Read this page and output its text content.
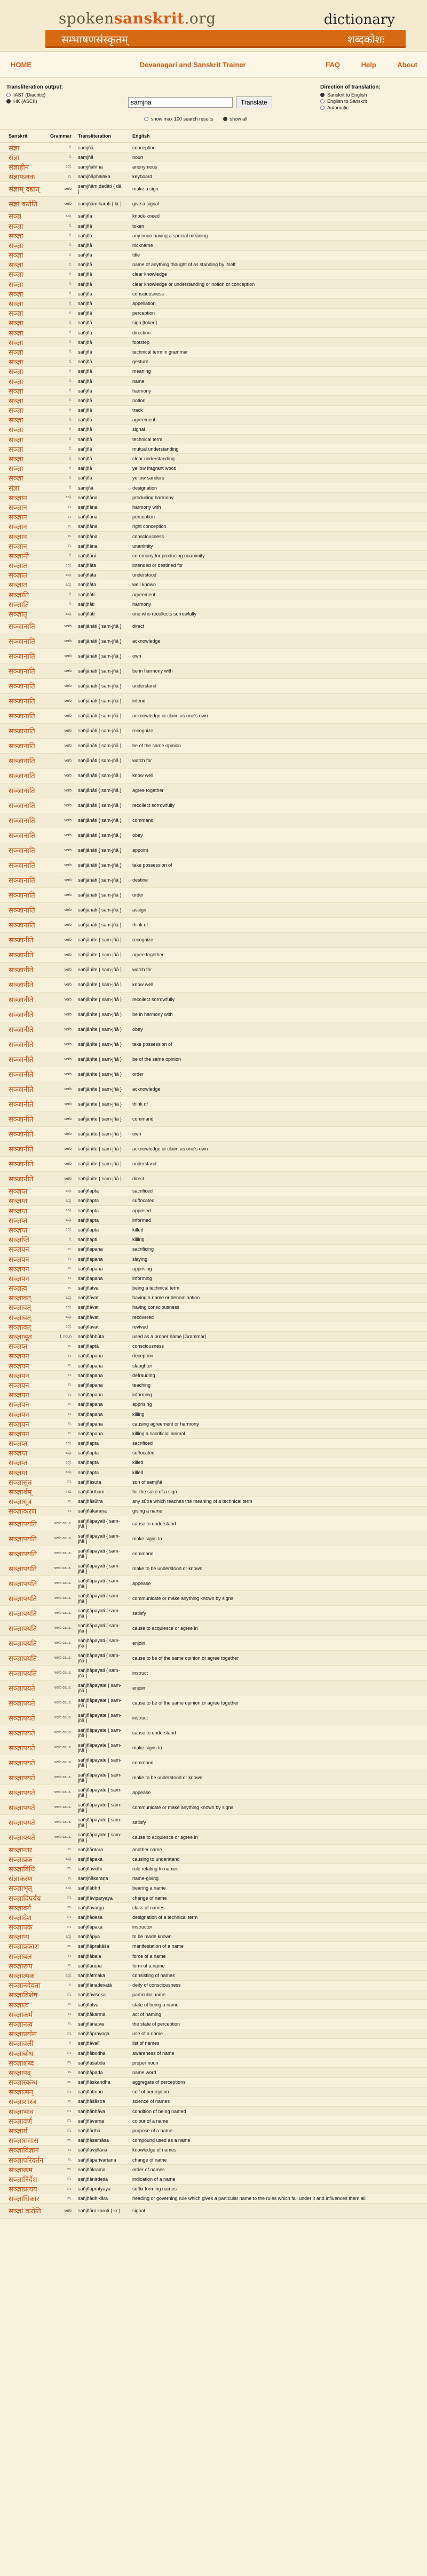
spokensanskrit.org	dictionary
सम्भाषणसंस्कृतम्	शब्दकोशः
HOME	Devanagari and Sanskrit Trainer	FAQ	Help	About
Transliteration output:
IAST (Diacritic)
HK (ASCII)
samjna	Translate
show max 100 search results	show all
Direction of translation:
Sanskrit to English
English to Sanskrit
Automatic
Sanskrit	Grammar	Transliteration	English
संज्ञा	f.	saṃjñā	conception
संज्ञा	f.	saṃjñā	noun
संज्ञाहीन	adj.	saṃjñāhīna	anonymous
संज्ञाफलक	n.	saṃjñāphalaka	keyboard
संज्ञाम् दद्यात्	verb	saṃjñām dadāti { dā }	make a sign
संज्ञां करोति	verb	saṃjñāṃ karoti { kṛ }	give a signal
सञ्ज्ञ	adj.	sañjña	knock-kneed
सञ्ज्ञा	f.	sañjñā	token
सञ्ज्ञा	f.	sañjñā	any noun having a special meaning
सञ्ज्ञा	f.	sañjñā	nickname
सञ्ज्ञा	f.	sañjñā	title
सञ्ज्ञा	f.	sañjñā	name of anything thought of as standing by itself
सञ्ज्ञा	f.	sañjñā	clear knowledge
सञ्ज्ञा	f.	sañjñā	clear knowledge or understanding or notion or conception
सञ्ज्ञा	f.	sañjñā	consciousness
सञ्ज्ञा	f.	sañjñā	appellation
सञ्ज्ञा	f.	sañjñā	perception
सञ्ज्ञा	f.	sañjñā	sign [token]
सञ्ज्ञा	f.	sañjñā	direction
सञ्ज्ञा	f.	sañjñā	footstep
सञ्ज्ञा	f.	sañjñā	technical term in grammar
सञ्ज्ञा	f.	sañjñā	gesture
सञ्ज्ञा	f.	sañjñā	meaning
सञ्ज्ञा	f.	sañjñā	name
सञ्ज्ञा	f.	sañjñā	harmony
सञ्ज्ञा	f.	sañjñā	notion
सञ्ज्ञा	f.	sañjñā	track
सञ्ज्ञा	f.	sañjñā	agreement
सञ्ज्ञा	f.	sañjñā	signal
सञ्ज्ञा	f.	sañjñā	technical term
सञ्ज्ञा	f.	sañjñā	mutual understanding
सञ्ज्ञा	f.	sañjñā	clear understanding
सञ्ज्ञा	f.	sañjñā	yellow fragrant wood
सञ्ज्ञा	f.	sañjñā	yellow sanders
संज्ञा	f.	saṃjñā	designation
सञ्ज्ञान	adj.	sañjñāna	producing harmony
सञ्ज्ञान	n.	sañjñāna	harmony with
सञ्ज्ञान	n.	sañjñāna	perception
सञ्ज्ञान	n.	sañjñāna	right conception
सञ्ज्ञान	n.	sañjñāna	consciousness
सञ्ज्ञान	n.	sañjñāna	unanimity
सञ्ज्ञानी	f.	sañjñānī	ceremony for producing unanimity
सञ्ज्ञात	adj.	sañjñāta	intended or destined for
सञ्ज्ञात	adj.	sañjñāta	understood
सञ्ज्ञात	adj.	sañjñāta	well known
सञ्ज्ञाति	f.	sañjñāti	agreement
सञ्ज्ञाति	f.	sañjñāti	harmony
सञ्ज्ञातृ	adj.	sañjñātṛ	one who recollects sorrowfully
सञ्जानाति	verb	sañjānāti { sam-jñā }	direct
सञ्जानाति	verb	sañjānāti { sam-jñā }	acknowledge
सञ्जानाति	verb	sañjānāti { sam-jñā }	own
सञ्जानाति	verb	sañjānāti { sam-jñā }	be in harmony with
सञ्जानाति	verb	sañjānāti { sam-jñā }	understand
सञ्जानाति	verb	sañjānāti { sam-jñā }	intend
सञ्जानाति	verb	sañjānāti { sam-jñā }	acknowledge or claim as one's own
सञ्जानाति	verb	sañjānāti { sam-jñā }	recognize
सञ्जानाति	verb	sañjānāti { sam-jñā }	be of the same opinion
सञ्जानाति	verb	sañjānāti { sam-jñā }	watch for
सञ्जानाति	verb	sañjānāti { sam-jñā }	know well
सञ्जानाति	verb	sañjānāti { sam-jñā }	agree together
सञ्जानाति	verb	sañjānāti { sam-jñā }	recollect sorrowfully
सञ्जानाति	verb	sañjānāti { sam-jñā }	command
सञ्जानाति	verb	sañjānāti { sam-jñā }	obey
सञ्जानाति	verb	sañjānāti { sam-jñā }	appoint
सञ्जानाति	verb	sañjānāti { sam-jñā }	take possession of
सञ्जानाति	verb	sañjānāti { sam-jñā }	destine
सञ्जानाति	verb	sañjānāti { sam-jñā }	order
सञ्जानाति	verb	sañjānāti { sam-jñā }	assign
सञ्जानाति	verb	sañjānāti { sam-jñā }	think of
सञ्जानीते	verb	sañjānīte { sam-jñā }	recognize
सञ्जानीते	verb	sañjānīte { sam-jñā }	agree together
सञ्जानीते	verb	sañjānīte { sam-jñā }	watch for
सञ्जानीते	verb	sañjānīte { sam-jñā }	know well
सञ्जानीते	verb	sañjānīte { sam-jñā }	recollect sorrowfully
सञ्जानीते	verb	sañjānīte { sam-jñā }	be in harmony with
सञ्जानीते	verb	sañjānīte { sam-jñā }	obey
सञ्जानीते	verb	sañjānīte { sam-jñā }	take possession of
सञ्जानीते	verb	sañjānīte { sam-jñā }	be of the same opinion
सञ्जानीते	verb	sañjānīte { sam-jñā }	order
सञ्जानीते	verb	sañjānīte { sam-jñā }	acknowledge
सञ्जानीते	verb	sañjānīte { sam-jñā }	think of
सञ्जानीते	verb	sañjānīte { sam-jñā }	command
सञ्जानीते	verb	sañjānīte { sam-jñā }	own
सञ्जानीते	verb	sañjānīte { sam-jñā }	acknowledge or claim as one's own
सञ्जानीते	verb	sañjānīte { sam-jñā }	understand
सञ्जानीते	verb	sañjānīte { sam-jñā }	direct
सञ्ज्ञप्त	adj.	sañjñapta	sacrificed
सञ्ज्ञप्त	adj.	sañjñapta	suffocated
सञ्ज्ञप्त	adj.	sañjñapta	apprised
सञ्ज्ञप्त	adj.	sañjñapta	informed
सञ्ज्ञप्त	adj.	sañjñapta	killed
सञ्ज्ञप्ति	f.	sañjñapti	killing
सञ्ज्ञपन	n.	sañjñapana	sacrificing
सञ्ज्ञपन	n.	sañjñapana	slaying
सञ्ज्ञपन	n.	sañjñapana	apprising
सञ्ज्ञपन	n.	sañjñapana	informing
सञ्ज्ञत्व	n.	sañjñatva	being a technical term
सञ्ज्ञावत्	adj.	sañjñāvat	having a name or denomination
सञ्ज्ञावत्	adj.	sañjñāvat	having consciousness
सञ्ज्ञावत्	adj.	sañjñāvat	recovered
सञ्ज्ञावत्	adj.	sañjñāvat	revived
सञ्ज्ञाभूत	f. noun	sañjñābhūta	used as a proper name [Grammar]
सञ्ज्ञप्त	n.	sañjñaptā	consciousness
सञ्ज्ञपन	n.	sañjñapana	deception
सञ्ज्ञपन	n.	sañjñapana	slaughter
सञ्ज्ञपन	n.	sañjñapana	defrauding
सञ्ज्ञपन	n.	sañjñapana	teaching
सञ्ज्ञपन	n.	sañjñapana	informing
सञ्ज्ञपन	n.	sañjñapana	apprising
सञ्ज्ञपन	n.	sañjñapana	killing
सञ्ज्ञपन	n.	sañjñapana	causing agreement or harmony
सञ्ज्ञपन	n.	sañjñapana	killing a sacrificial animal
सञ्ज्ञप्त	adj.	sañjñapta	sacrificed
सञ्ज्ञप्त	adj.	sañjñapta	suffocated
सञ्ज्ञप्त	adj.	sañjñapta	killed
सञ्ज्ञप्त	adj.	sañjñapta	killed
सञ्ज्ञासुत	m.	sañjñāsuta	son of saṃjñā
सञ्ज्ञार्थम्	ind.	sañjñārtham	for the sake of a sign
सञ्ज्ञासूत्र	n.	sañjñāsūtra	any sūtra which teaches the meaning of a technical term
सञ्ज्ञाकरण	n.	sañjñākaraṇa	giving a name
सञ्ज्ञापयति	verb caus.	sañjñāpayati { sam-jñā }	cause to understand
सञ्ज्ञापयति	verb caus.	sañjñāpayati { sam-jñā }	make signs to
सञ्ज्ञापयति	verb caus.	sañjñāpayati { sam-jñā }	command
सञ्ज्ञापयति	verb caus.	sañjñāpayati { sam-jñā }	make to be understood or known
सञ्ज्ञापयति	verb caus.	sañjñāpayati { sam-jñā }	appease
सञ्ज्ञापयति	verb caus.	sañjñāpayati { sam-jñā }	communicate or make anything known by signs
सञ्ज्ञापयति	verb caus.	sañjñāpayati { sam-jñā }	satisfy
सञ्ज्ञापयति	verb caus.	sañjñāpayati { sam-jñā }	cause to acquiesce or agree in
सञ्ज्ञापयति	verb caus.	sañjñāpayati { sam-jñā }	enjoin
सञ्ज्ञापयति	verb caus.	sañjñāpayati { sam-jñā }	cause to be of the same opinion or agree together
सञ्ज्ञापयति	verb caus.	sañjñāpayati { sam-jñā }	instruct
सञ्ज्ञापयते	verb caus.	sañjñāpayate { sam-jñā }	enjoin
सञ्ज्ञापयते	verb caus.	sañjñāpayate { sam-jñā }	cause to be of the same opinion or agree together
सञ्ज्ञापयते	verb caus.	sañjñāpayate { sam-jñā }	instruct
सञ्ज्ञापयते	verb caus.	sañjñāpayate { sam-jñā }	cause to understand
सञ्ज्ञापयते	verb caus.	sañjñāpayate { sam-jñā }	make signs to
सञ्ज्ञापयते	verb caus.	sañjñāpayate { sam-jñā }	command
सञ्ज्ञापयते	verb caus.	sañjñāpayate { sam-jñā }	make to be understood or known
सञ्ज्ञापयते	verb caus.	sañjñāpayate { sam-jñā }	appease
सञ्ज्ञापयते	verb caus.	sañjñāpayate { sam-jñā }	communicate or make anything known by signs
सञ्ज्ञापयते	verb caus.	sañjñāpayate { sam-jñā }	satisfy
सञ्ज्ञापयते	verb caus.	sañjñāpayate { sam-jñā }	cause to acquiesce or agree in
सञ्ज्ञान्तर	n.	sañjñāntara	another name
सञ्ज्ञाप्रक	adj.	sañjñāpaka	causing to understand
सञ्ज्ञाविधि	m.	sañjñāvidhi	rule relating to names
संज्ञाकरण	n.	saṃjñākaraṇa	name-giving
सञ्ज्ञाभृत्	adj.	sañjñābhṛt	bearing a name
सञ्ज्ञाविपर्यय	m.	sañjñāviparyaya	change of name
सञ्ज्ञावर्ग	m.	sañjñāvarga	class of names
सञ्ज्ञादेश	m.	sañjñādeśa	designation of a technical term
सञ्ज्ञापक	m.	sañjñāpaka	instructor
सञ्ज्ञाप्य	adj.	sañjñāpya	to be made known
सञ्ज्ञाप्रकाश	m.	sañjñāprakāśa	manifestation of a name
सञ्ज्ञाबल	n.	sañjñābala	force of a name
सञ्ज्ञारूप	n.	sañjñārūpa	form of a name
सञ्ज्ञात्मक	adj.	sañjñātmaka	consisting of names
सञ्ज्ञानदेवता	f.	sañjñānadevatā	deity of consciousness
सञ्ज्ञाविशेष	m.	sañjñāviśeṣa	particular name
सञ्ज्ञात्व	n.	sañjñātva	state of being a name
सञ्ज्ञाकर्म	n.	sañjñākarma	act of naming
सञ्ज्ञानत्व	n.	sañjñānatva	the state of perception
सञ्ज्ञाप्रयोग	m.	sañjñāprayoga	use of a name
सञ्ज्ञावली	f.	sañjñāvalī	list of names
सञ्ज्ञाबोध	m.	sañjñābodha	awareness of name
सञ्ज्ञाशब्द	m.	sañjñāśabda	proper noun
सञ्ज्ञापद	n.	sañjñāpada	name word
सञ्ज्ञास्कन्ध	m.	sañjñāskandha	aggregate of perceptions
सञ्ज्ञात्मन्	m.	sañjñātman	self of perception
सञ्ज्ञाशास्त्र	n.	sañjñāśāstra	science of names
सञ्ज्ञाभाव	m.	sañjñābhāva	condition of being named
सञ्ज्ञावर्ण	m.	sañjñāvarṇa	colour of a name
सञ्ज्ञार्थ	m.	sañjñārtha	purpose of a name
सञ्ज्ञासमास	m.	sañjñāsamāsa	compound used as a name
सञ्ज्ञाविज्ञान	n.	sañjñāvijñāna	knowledge of names
सञ्ज्ञापरिवर्तन	n.	sañjñāparivartana	change of name
सञ्ज्ञाक्रम	m.	sañjñākrama	order of names
सञ्ज्ञानिर्देश	m.	sañjñānirdeśa	indication of a name
सञ्ज्ञाप्रत्यय	m.	sañjñāpratyaya	suffix forming names
सञ्ज्ञाधिकार	m.	sañjñādhikāra	heading or governing rule which gives a particular name to the rules which fall under it and influences them all
सञ्ज्ञां करोति	verb	sañjñāṃ karoti { kṛ }	signal
